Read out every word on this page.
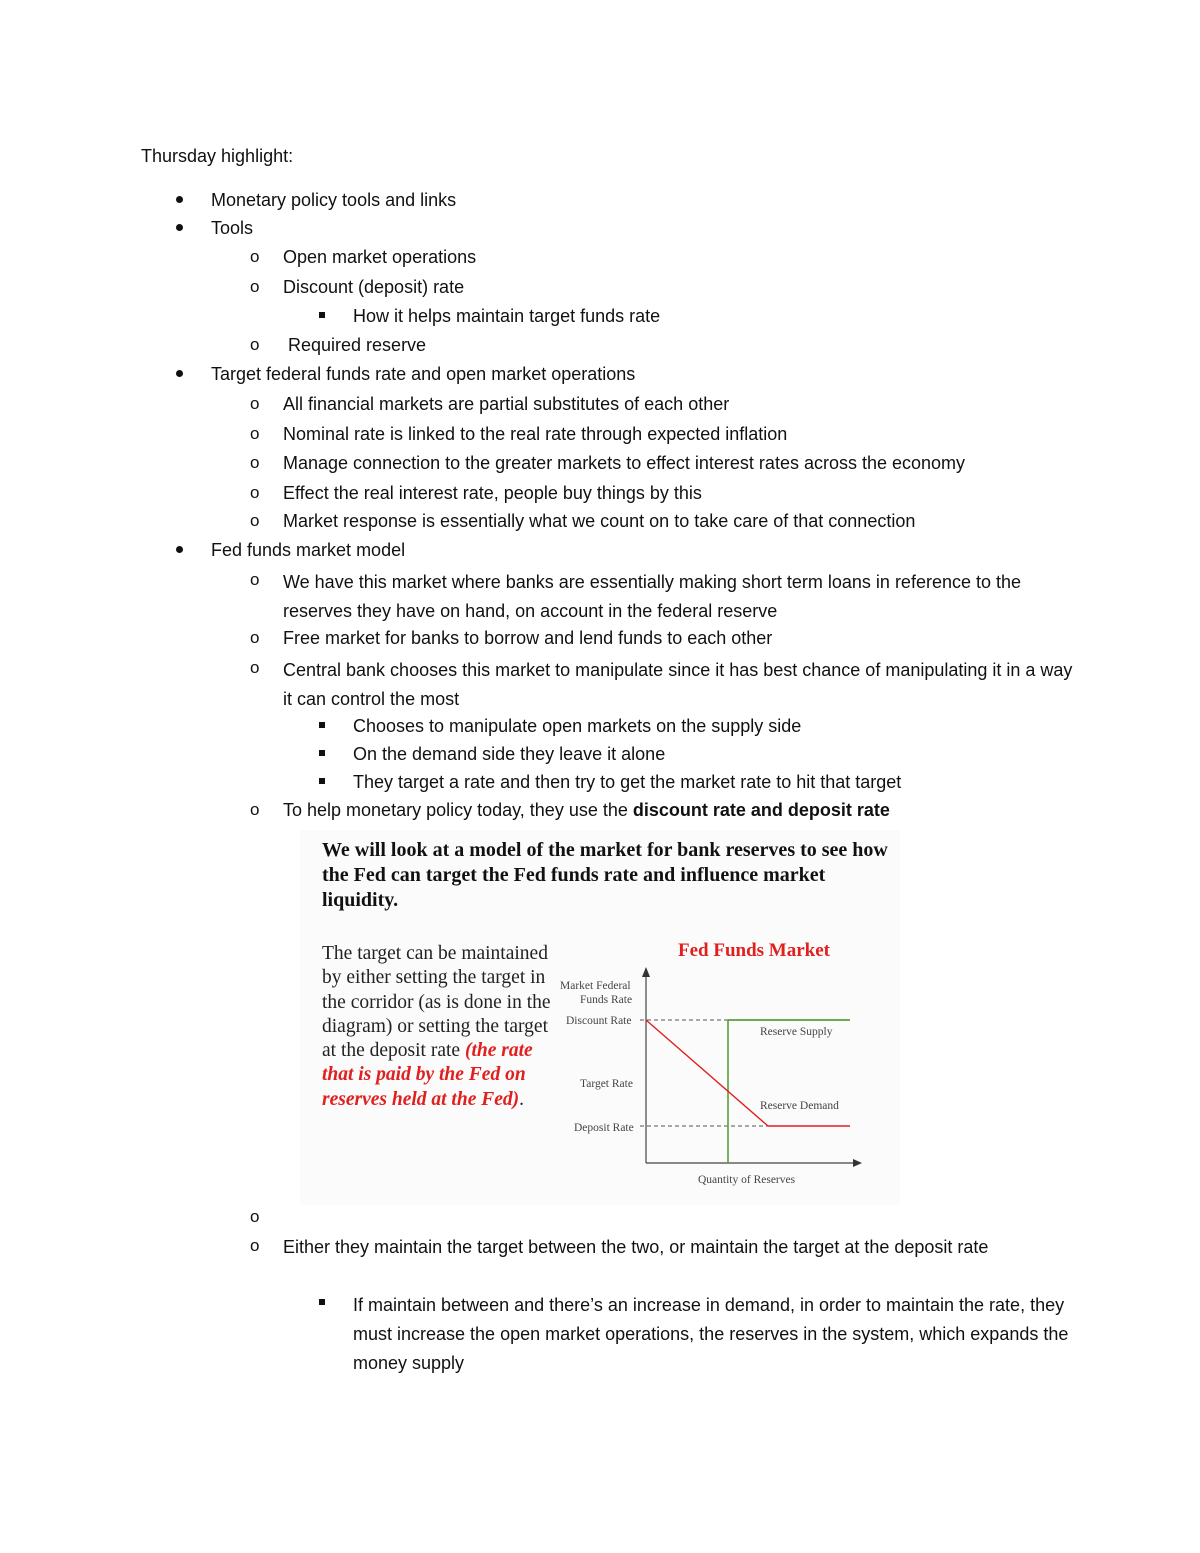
Thursday highlight:
Monetary policy tools and links
Tools
o Open market operations
o Discount (deposit) rate
How it helps maintain target funds rate
o Required reserve
Target federal funds rate and open market operations
o All financial markets are partial substitutes of each other
o Nominal rate is linked to the real rate through expected inflation
o Manage connection to the greater markets to effect interest rates across the economy
o Effect the real interest rate, people buy things by this
o Market response is essentially what we count on to take care of that connection
Fed funds market model
o We have this market where banks are essentially making short term loans in reference to the reserves they have on hand, on account in the federal reserve
o Free market for banks to borrow and lend funds to each other
o Central bank chooses this market to manipulate since it has best chance of manipulating it in a way it can control the most
Chooses to manipulate open markets on the supply side
On the demand side they leave it alone
They target a rate and then try to get the market rate to hit that target
o To help monetary policy today, they use the discount rate and deposit rate
We will look at a model of the market for bank reserves to see how the Fed can target the Fed funds rate and influence market liquidity.
The target can be maintained by either setting the target in the corridor (as is done in the diagram) or setting the target at the deposit rate (the rate that is paid by the Fed on reserves held at the Fed).
Fed Funds Market
Market Federal
Funds Rate
Discount Rate
Target Rate
Deposit Rate
Reserve Supply
Reserve Demand
Quantity of Reserves
o
o Either they maintain the target between the two, or maintain the target at the deposit rate
If maintain between and there’s an increase in demand, in order to maintain the rate, they must increase the open market operations, the reserves in the system, which expands the money supply
